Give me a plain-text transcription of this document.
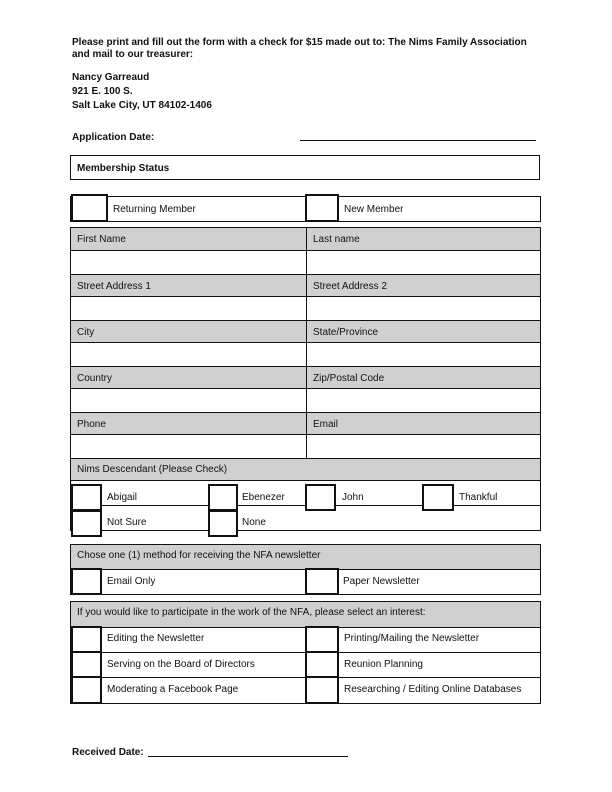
Please print and fill out the form with a check for $15 made out to: The Nims Family Association and mail to our treasurer:
Nancy Garreaud
921 E. 100 S.
Salt Lake City, UT 84102-1406
Application Date:
Membership Status
Returning Member	New Member
First Name	Last name
Street Address 1	Street Address 2
City	State/Province
Country	Zip/Postal Code
Phone	Email
Nims Descendant (Please Check)
Abigail	Ebenezer	John	Thankful
Not Sure	None
Chose one (1) method for receiving the NFA newsletter
Email Only	Paper Newsletter
If you would like to participate in the work of the NFA, please select an interest:
Editing the Newsletter	Printing/Mailing the Newsletter
Serving on the Board of Directors	Reunion Planning
Moderating a Facebook Page	Researching / Editing Online Databases
Received Date:
